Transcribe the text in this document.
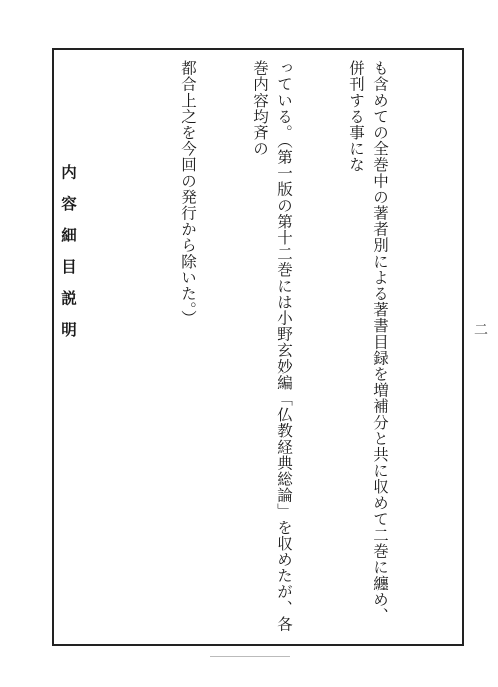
も含めての全巻中の著者別による著書目録を増補分と共に収めて二巻に纏め、併刊する事にな

っている。（第一版の第十二巻には小野玄妙編「仏教経典総論」を収めたが、各巻内容均斉の

都合上之を今回の発行から除いた。）

内容細目説明

	二
